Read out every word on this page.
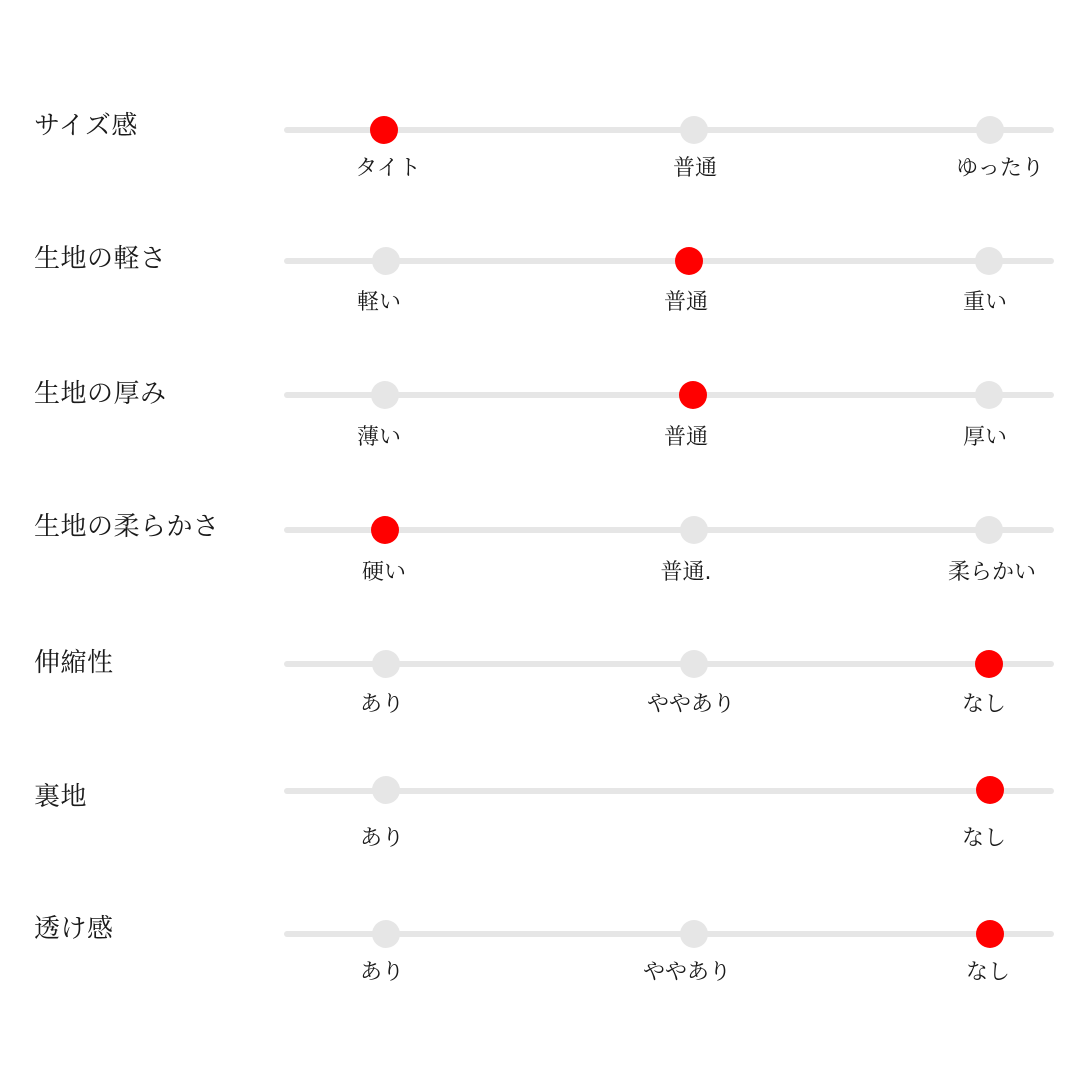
サイズ感
タイト	普通	ゆったり
生地の軽さ
軽い	普通	重い
生地の厚み
薄い	普通	厚い
生地の柔らかさ
硬い	普通.	柔らかい
伸縮性
あり	ややあり	なし
裏地
あり	なし
透け感
あり	ややあり	なし
